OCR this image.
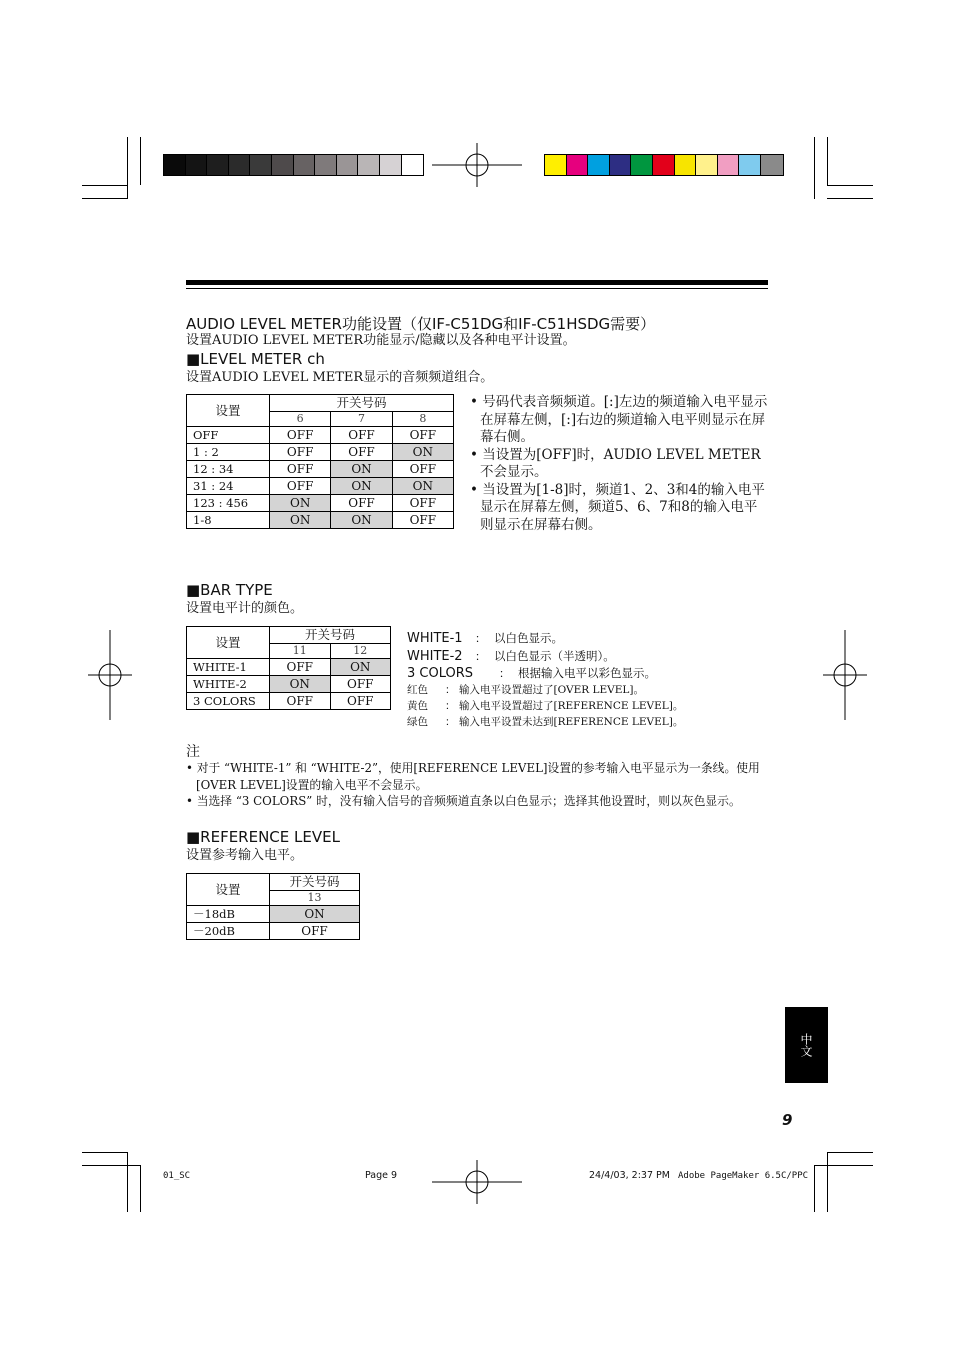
AUDIO LEVEL METER功能设置（仅IF-C51DG和IF-C51HSDG需要）
设置AUDIO LEVEL METER功能显示/隐藏以及各种电平计设置。
■LEVEL METER ch
设置AUDIO LEVEL METER显示的音频频道组合。
设置	开关号码		
	6	7	8
OFF	OFF	OFF	OFF
1 : 2	OFF	OFF	ON
12 : 34	OFF	ON	OFF
31 : 24	OFF	ON	ON
123 : 456	ON	OFF	OFF
1-8	ON	ON	OFF
• 号码代表音频频道。[:]左边的频道输入电平显示在屏幕左侧，[:]右边的频道输入电平则显示在屏幕右侧。
• 当设置为[OFF]时，AUDIO LEVEL METER不会显示。
• 当设置为[1-8]时，频道1、2、3和4的输入电平显示在屏幕左侧，频道5、6、7和8的输入电平则显示在屏幕右侧。
■BAR TYPE
设置电平计的颜色。
设置	开关号码	
	11	12
WHITE-1	OFF	ON
WHITE-2	ON	OFF
3 COLORS	OFF	OFF
WHITE-1 ： 以白色显示。
WHITE-2 ： 以白色显示（半透明）。
3 COLORS ： 根据输入电平以彩色显示。
红色 ： 输入电平设置超过了[OVER LEVEL]。
黄色 ： 输入电平设置超过了[REFERENCE LEVEL]。
绿色 ： 输入电平设置未达到[REFERENCE LEVEL]。
注
• 对于 “WHITE-1” 和 “WHITE-2”，使用[REFERENCE LEVEL]设置的参考输入电平显示为一条线。使用[OVER LEVEL]设置的输入电平不会显示。
• 当选择 “3 COLORS” 时，没有输入信号的音频频道直条以白色显示；选择其他设置时，则以灰色显示。
■REFERENCE LEVEL
设置参考输入电平。
设置	开关号码
	13
－18dB	ON
－20dB	OFF
中文
9
01_SC	Page 9	24/4/03, 2:37 PM Adobe PageMaker 6.5C/PPC
